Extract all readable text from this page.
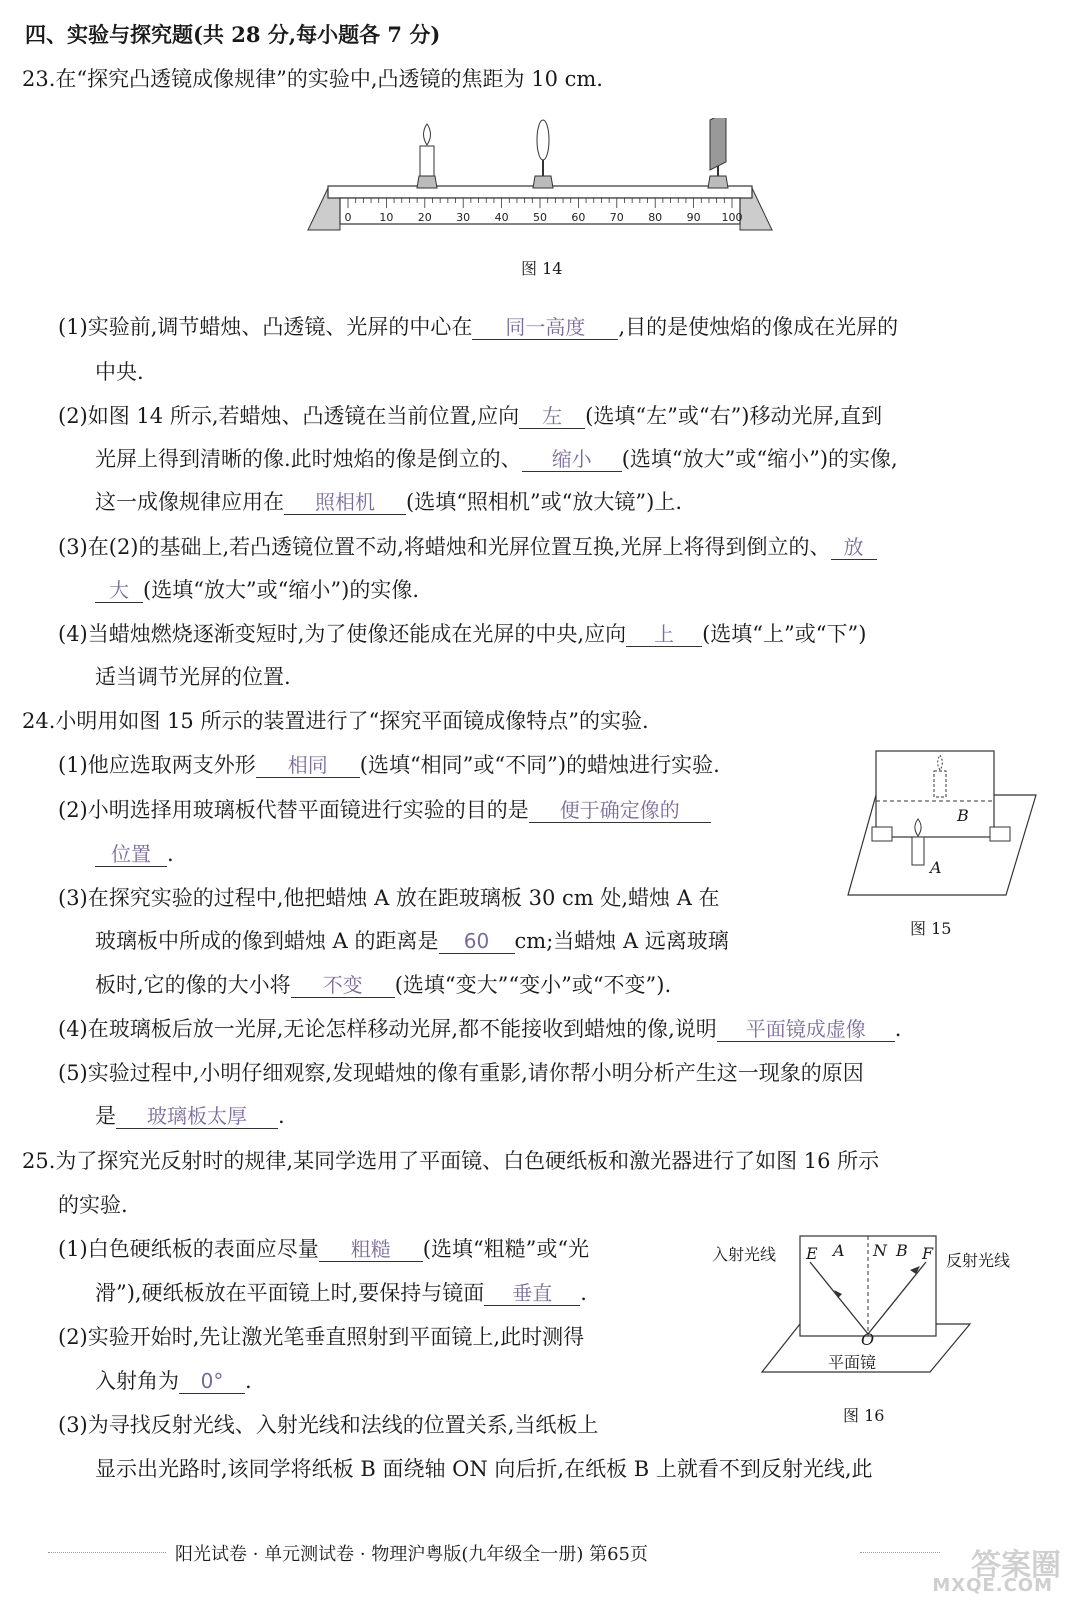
四、实验与探究题(共 28 分,每小题各 7 分)
23.在“探究凸透镜成像规律”的实验中,凸透镜的焦距为 10 cm.
0	10 20 30 40 50 60 70 80 90 100
图 14
(1)实验前,调节蜡烛、凸透镜、光屏的中心在 同一高度 ,目的是使烛焰的像成在光屏的
中央.
(2)如图 14 所示,若蜡烛、凸透镜在当前位置,应向 左 (选填“左”或“右”)移动光屏,直到
光屏上得到清晰的像.此时烛焰的像是倒立的、 缩小 (选填“放大”或“缩小”)的实像,
这一成像规律应用在 照相机 (选填“照相机”或“放大镜”)上.
(3)在(2)的基础上,若凸透镜位置不动,将蜡烛和光屏位置互换,光屏上将得到倒立的、 放
大 (选填“放大”或“缩小”)的实像.
(4)当蜡烛燃烧逐渐变短时,为了使像还能成在光屏的中央,应向 上 (选填“上”或“下”)
适当调节光屏的位置.
24.小明用如图 15 所示的装置进行了“探究平面镜成像特点”的实验.
(1)他应选取两支外形 相同 (选填“相同”或“不同”)的蜡烛进行实验.
(2)小明选择用玻璃板代替平面镜进行实验的目的是 便于确定像的
位置 .
B
A
图 15
(3)在探究实验的过程中,他把蜡烛 A 放在距玻璃板 30 cm 处,蜡烛 A 在
玻璃板中所成的像到蜡烛 A 的距离是 60 cm;当蜡烛 A 远离玻璃
板时,它的像的大小将 不变 (选填“变大”“变小”或“不变”).
(4)在玻璃板后放一光屏,无论怎样移动光屏,都不能接收到蜡烛的像,说明 平面镜成虚像 .
(5)实验过程中,小明仔细观察,发现蜡烛的像有重影,请你帮小明分析产生这一现象的原因
是 玻璃板太厚 .
25.为了探究光反射时的规律,某同学选用了平面镜、白色硬纸板和激光器进行了如图 16 所示
的实验.
(1)白色硬纸板的表面应尽量 粗糙 (选填“粗糙”或“光
滑”),硬纸板放在平面镜上时,要保持与镜面 垂直 .
(2)实验开始时,先让激光笔垂直照射到平面镜上,此时测得
入射角为 0° .
(3)为寻找反射光线、入射光线和法线的位置关系,当纸板上
显示出光路时,该同学将纸板 B 面绕轴 ON 向后折,在纸板 B 上就看不到反射光线,此
入射光线	反射光线
E A N B F
O
平面镜
图 16
阳光试卷 · 单元测试卷 · 物理沪粤版(九年级全一册) 第65页	答案圈
MXQE.COM
